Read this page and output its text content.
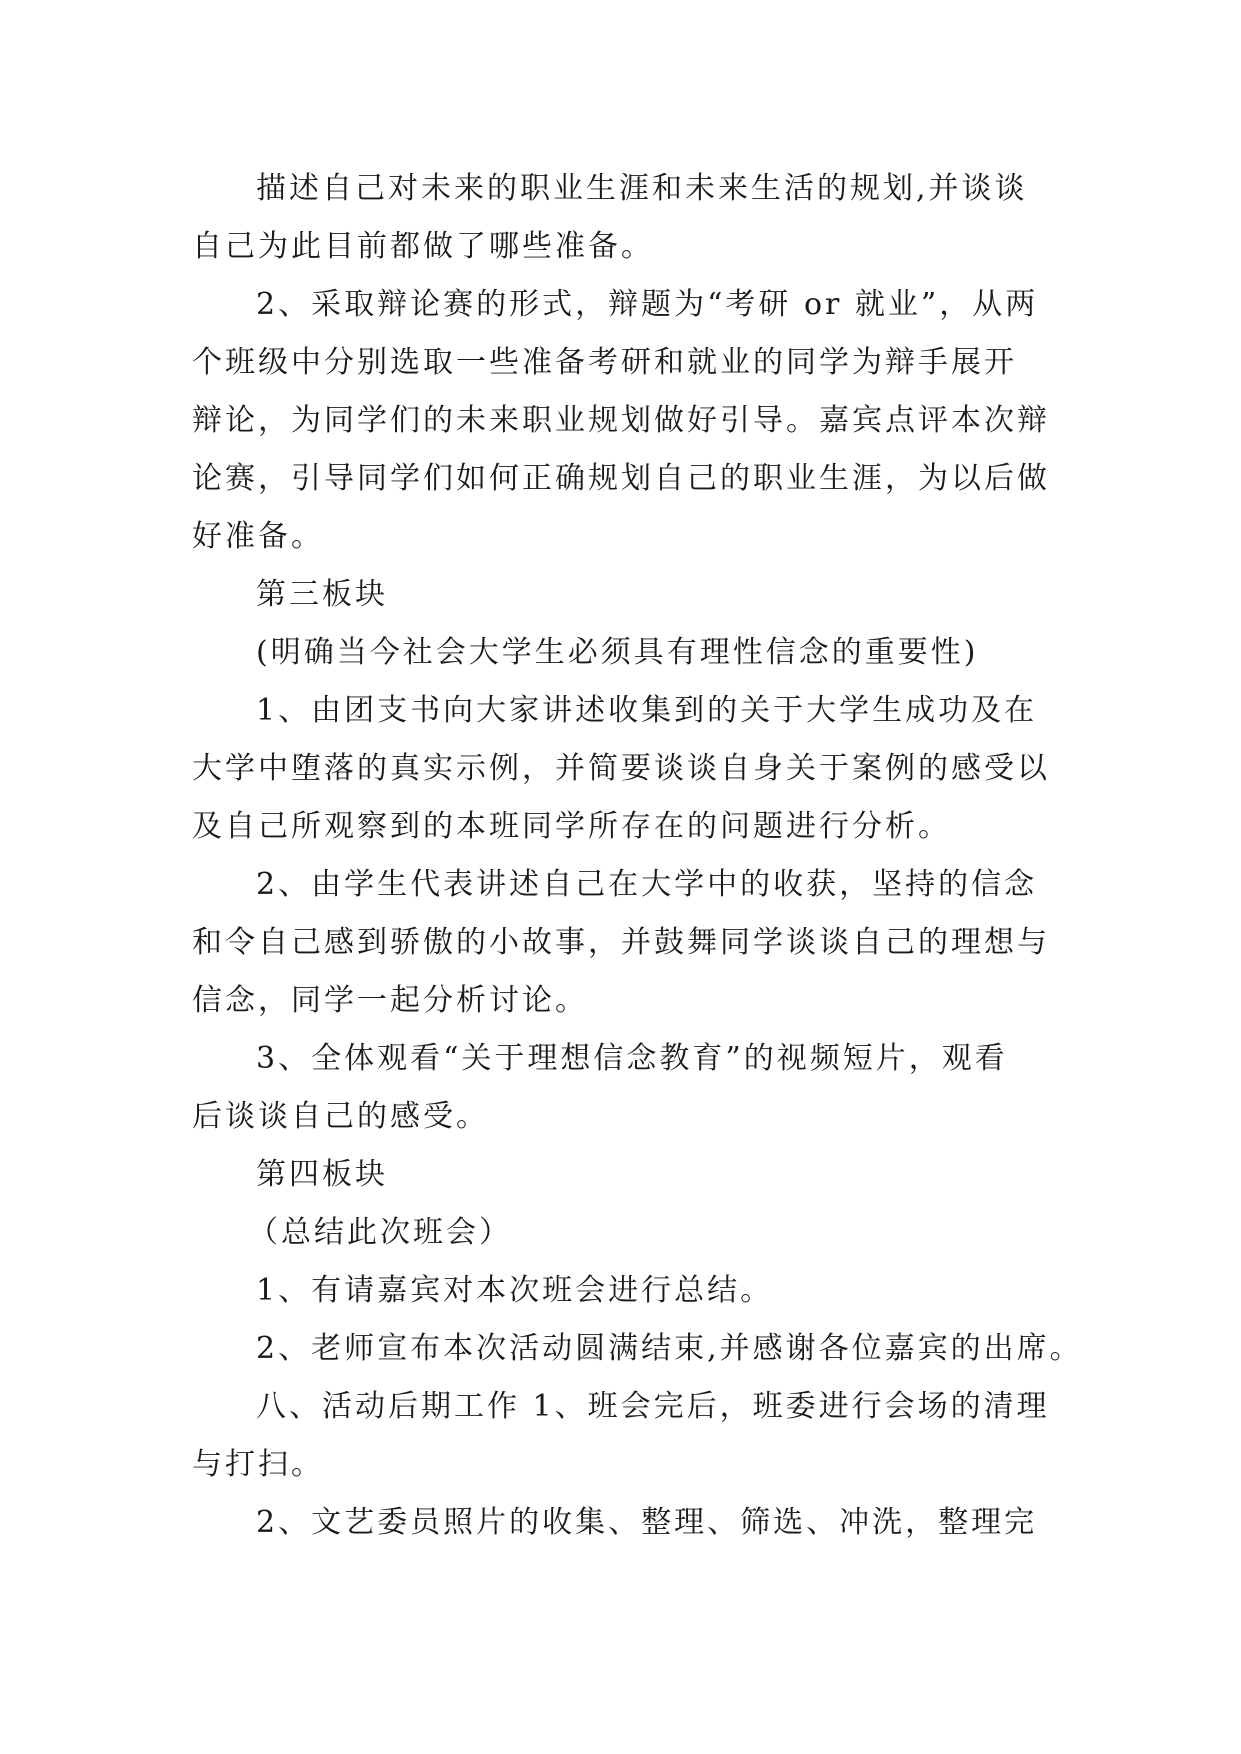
描述自己对未来的职业生涯和未来生活的规划,并谈谈
自己为此目前都做了哪些准备。
2、采取辩论赛的形式，辩题为“考研 or 就业”，从两
个班级中分别选取一些准备考研和就业的同学为辩手展开
辩论，为同学们的未来职业规划做好引导。嘉宾点评本次辩
论赛，引导同学们如何正确规划自己的职业生涯，为以后做
好准备。
第三板块
(明确当今社会大学生必须具有理性信念的重要性)
1、由团支书向大家讲述收集到的关于大学生成功及在
大学中堕落的真实示例，并简要谈谈自身关于案例的感受以
及自己所观察到的本班同学所存在的问题进行分析。
2、由学生代表讲述自己在大学中的收获，坚持的信念
和令自己感到骄傲的小故事，并鼓舞同学谈谈自己的理想与
信念，同学一起分析讨论。
3、全体观看“关于理想信念教育”的视频短片，观看
后谈谈自己的感受。
第四板块
（总结此次班会）
1、有请嘉宾对本次班会进行总结。
2、老师宣布本次活动圆满结束,并感谢各位嘉宾的出席。
八、活动后期工作 1、班会完后，班委进行会场的清理
与打扫。
2、文艺委员照片的收集、整理、筛选、冲洗，整理完
